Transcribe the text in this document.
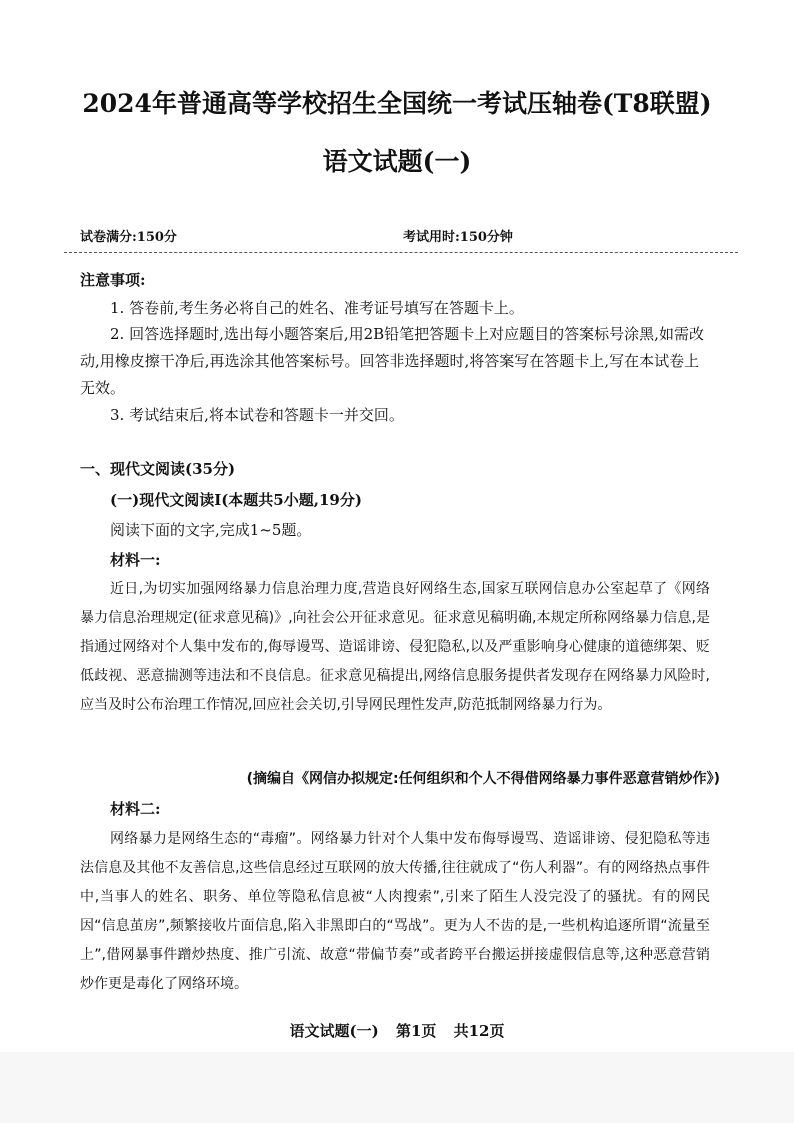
2024年普通高等学校招生全国统一考试压轴卷(T8联盟)
语文试题(一)
试卷满分:150分	考试用时:150分钟
注意事项:
1. 答卷前,考生务必将自己的姓名、准考证号填写在答题卡上。
2. 回答选择题时,选出每小题答案后,用2B铅笔把答题卡上对应题目的答案标号涂黑,如需改动,用橡皮擦干净后,再选涂其他答案标号。回答非选择题时,将答案写在答题卡上,写在本试卷上无效。
3. 考试结束后,将本试卷和答题卡一并交回。
一、现代文阅读(35分)
(一)现代文阅读Ⅰ(本题共5小题,19分)
阅读下面的文字,完成1~5题。
材料一:
近日,为切实加强网络暴力信息治理力度,营造良好网络生态,国家互联网信息办公室起草了《网络暴力信息治理规定(征求意见稿)》,向社会公开征求意见。征求意见稿明确,本规定所称网络暴力信息,是指通过网络对个人集中发布的,侮辱谩骂、造谣诽谤、侵犯隐私,以及严重影响身心健康的道德绑架、贬低歧视、恶意揣测等违法和不良信息。征求意见稿提出,网络信息服务提供者发现存在网络暴力风险时,应当及时公布治理工作情况,回应社会关切,引导网民理性发声,防范抵制网络暴力行为。
(摘编自《网信办拟规定:任何组织和个人不得借网络暴力事件恶意营销炒作》)
材料二:
网络暴力是网络生态的“毒瘤”。网络暴力针对个人集中发布侮辱谩骂、造谣诽谤、侵犯隐私等违法信息及其他不友善信息,这些信息经过互联网的放大传播,往往就成了“伤人利器”。有的网络热点事件中,当事人的姓名、职务、单位等隐私信息被“人肉搜索”,引来了陌生人没完没了的骚扰。有的网民因“信息茧房”,频繁接收片面信息,陷入非黑即白的“骂战”。更为人不齿的是,一些机构追逐所谓“流量至上”,借网暴事件蹭炒热度、推广引流、故意“带偏节奏”或者跨平台搬运拼接虚假信息等,这种恶意营销炒作更是毒化了网络环境。
语文试题(一) 第1页 共12页
